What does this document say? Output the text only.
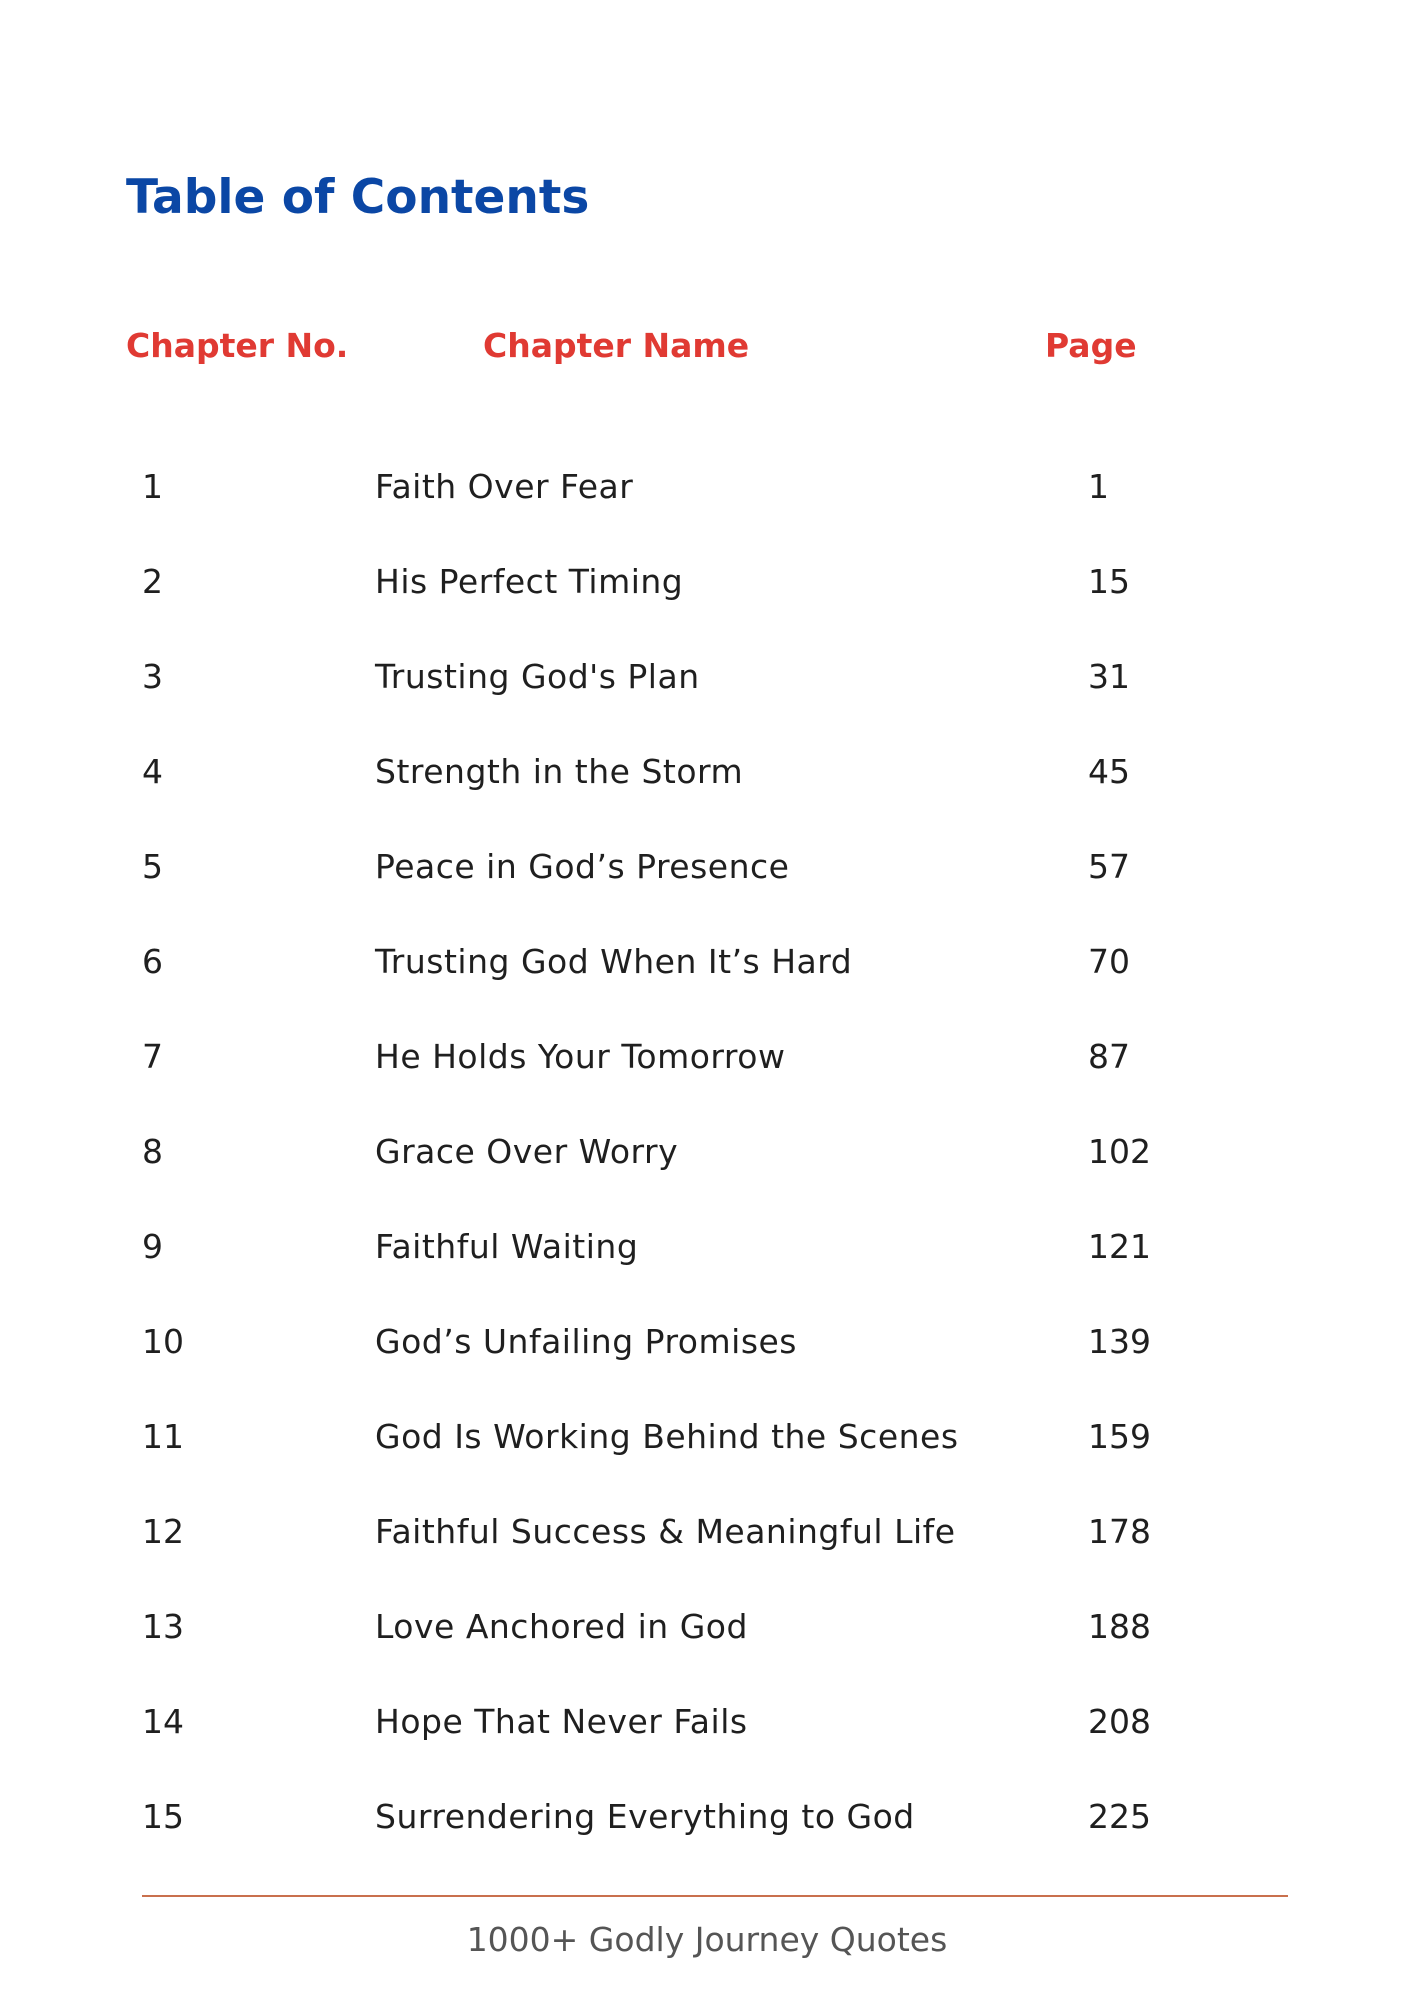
Table of Contents
Chapter No.	Chapter Name	Page
1	Faith Over Fear	1
2	His Perfect Timing	15
3	Trusting God's Plan	31
4	Strength in the Storm	45
5	Peace in God’s Presence	57
6	Trusting God When It’s Hard	70
7	He Holds Your Tomorrow	87
8	Grace Over Worry	102
9	Faithful Waiting	121
10	God’s Unfailing Promises	139
11	God Is Working Behind the Scenes	159
12	Faithful Success & Meaningful Life	178
13	Love Anchored in God	188
14	Hope That Never Fails	208
15	Surrendering Everything to God	225
1000+ Godly Journey Quotes
